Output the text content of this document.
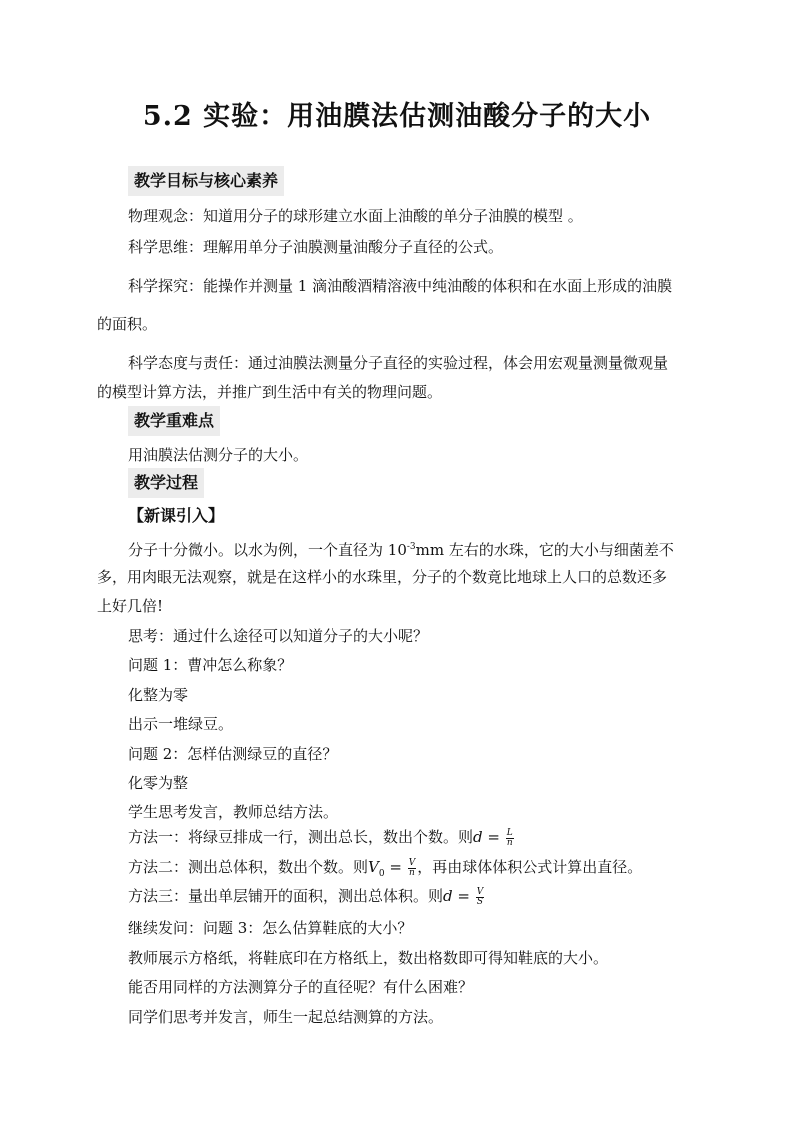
5.2 实验：用油膜法估测油酸分子的大小
教学目标与核心素养
物理观念：知道用分子的球形建立水面上油酸的单分子油膜的模型 。
科学思维：理解用单分子油膜测量油酸分子直径的公式。
科学探究：能操作并测量 1 滴油酸酒精溶液中纯油酸的体积和在水面上形成的油膜
的面积。
科学态度与责任：通过油膜法测量分子直径的实验过程，体会用宏观量测量微观量
的模型计算方法，并推广到生活中有关的物理问题。
教学重难点
用油膜法估测分子的大小。
教学过程
【新课引入】
分子十分微小。以水为例，一个直径为 $10^{-3}mm$ 左右的水珠，它的大小与细菌差不
多，用肉眼无法观察，就是在这样小的水珠里，分子的个数竟比地球上人口的总数还多
上好几倍!
思考：通过什么途径可以知道分子的大小呢？
问题 1：曹冲怎么称象？
化整为零
出示一堆绿豆。
问题 2：怎样估测绿豆的直径？
化零为整
学生思考发言，教师总结方法。
方法一：将绿豆排成一行，测出总长，数出个数。则$d = \frac{L}{n}$
方法二：测出总体积，数出个数。则$V_0 = \frac{V}{n}$ ，再由球体体积公式计算出直径。
方法三：量出单层铺开的面积，测出总体积。则$d = \frac{V}{S}$
继续发问：问题 3：怎么估算鞋底的大小？
教师展示方格纸，将鞋底印在方格纸上，数出格数即可得知鞋底的大小。
能否用同样的方法测算分子的直径呢？有什么困难？
同学们思考并发言，师生一起总结测算的方法。
